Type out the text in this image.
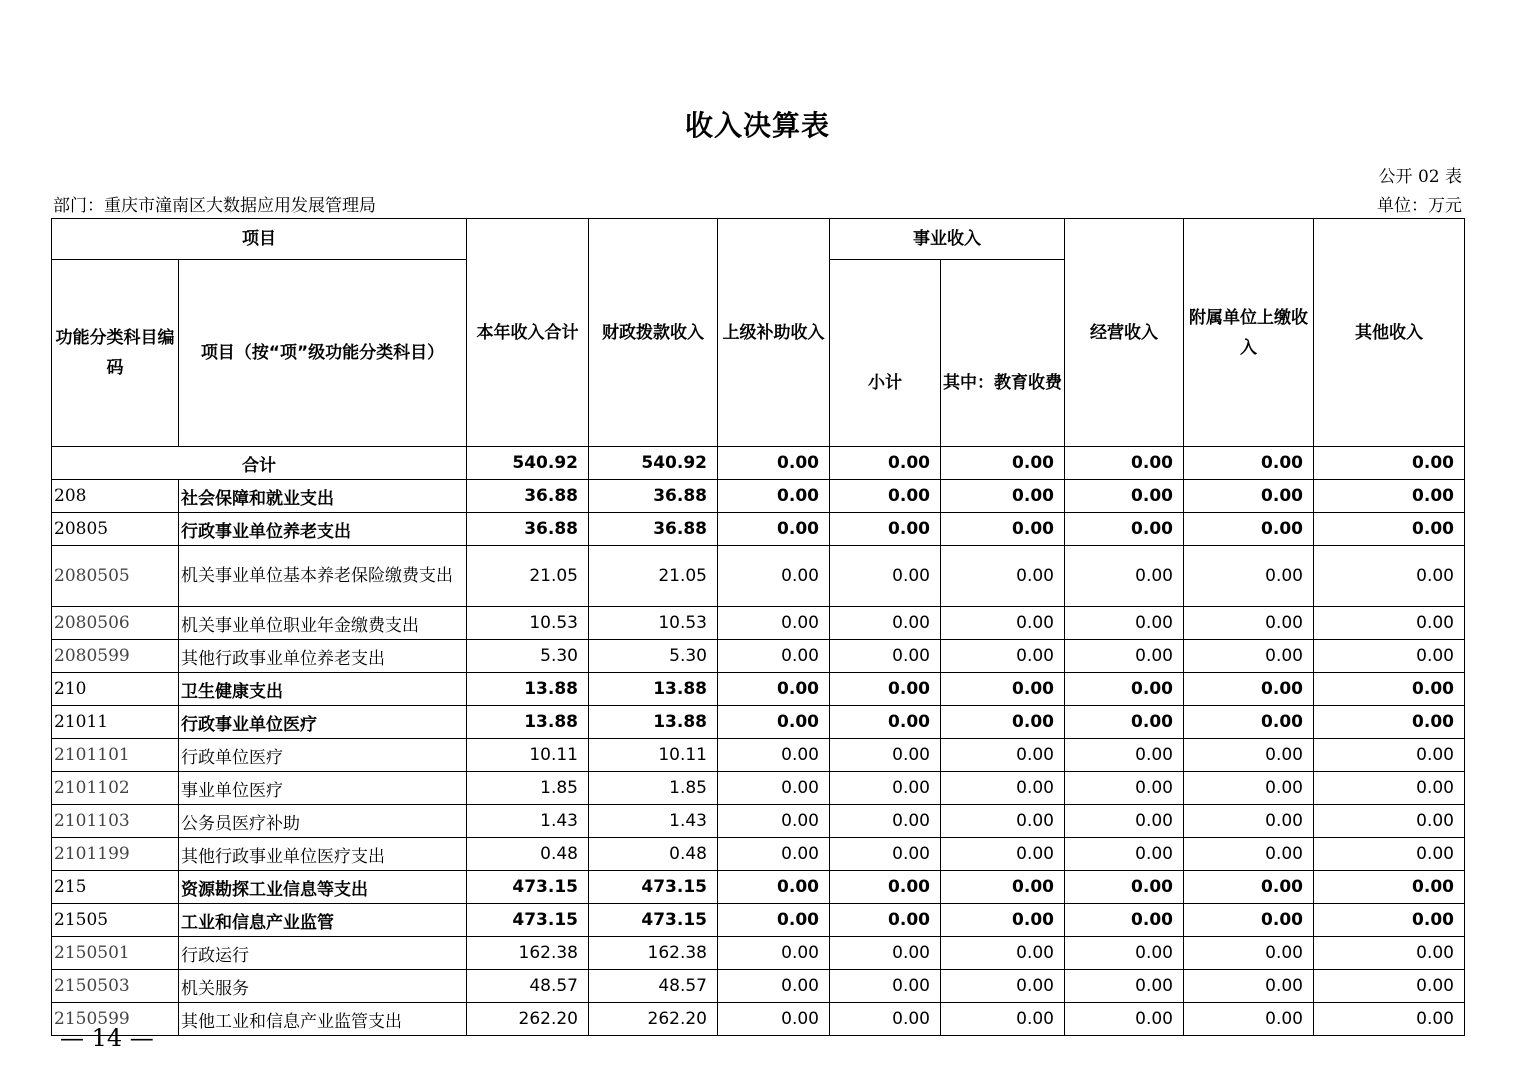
收入决算表
公开 02 表
部门：重庆市潼南区大数据应用发展管理局	单位：万元
项目		本年收入合计	财政拨款收入	上级补助收入	事业收入		经营收入	附属单位上缴收入	其他收入
功能分类科目编码	项目（按“项”级功能分类科目）				小计	其中：教育收费			
合计		540.92	540.92	0.00	0.00	0.00	0.00	0.00	0.00
208	社会保障和就业支出	36.88	36.88	0.00	0.00	0.00	0.00	0.00	0.00
20805	行政事业单位养老支出	36.88	36.88	0.00	0.00	0.00	0.00	0.00	0.00
2080505	机关事业单位基本养老保险缴费支出	21.05	21.05	0.00	0.00	0.00	0.00	0.00	0.00
2080506	机关事业单位职业年金缴费支出	10.53	10.53	0.00	0.00	0.00	0.00	0.00	0.00
2080599	其他行政事业单位养老支出	5.30	5.30	0.00	0.00	0.00	0.00	0.00	0.00
210	卫生健康支出	13.88	13.88	0.00	0.00	0.00	0.00	0.00	0.00
21011	行政事业单位医疗	13.88	13.88	0.00	0.00	0.00	0.00	0.00	0.00
2101101	行政单位医疗	10.11	10.11	0.00	0.00	0.00	0.00	0.00	0.00
2101102	事业单位医疗	1.85	1.85	0.00	0.00	0.00	0.00	0.00	0.00
2101103	公务员医疗补助	1.43	1.43	0.00	0.00	0.00	0.00	0.00	0.00
2101199	其他行政事业单位医疗支出	0.48	0.48	0.00	0.00	0.00	0.00	0.00	0.00
215	资源勘探工业信息等支出	473.15	473.15	0.00	0.00	0.00	0.00	0.00	0.00
21505	工业和信息产业监管	473.15	473.15	0.00	0.00	0.00	0.00	0.00	0.00
2150501	行政运行	162.38	162.38	0.00	0.00	0.00	0.00	0.00	0.00
2150503	机关服务	48.57	48.57	0.00	0.00	0.00	0.00	0.00	0.00
2150599	其他工业和信息产业监管支出	262.20	262.20	0.00	0.00	0.00	0.00	0.00	0.00
— 14 —
